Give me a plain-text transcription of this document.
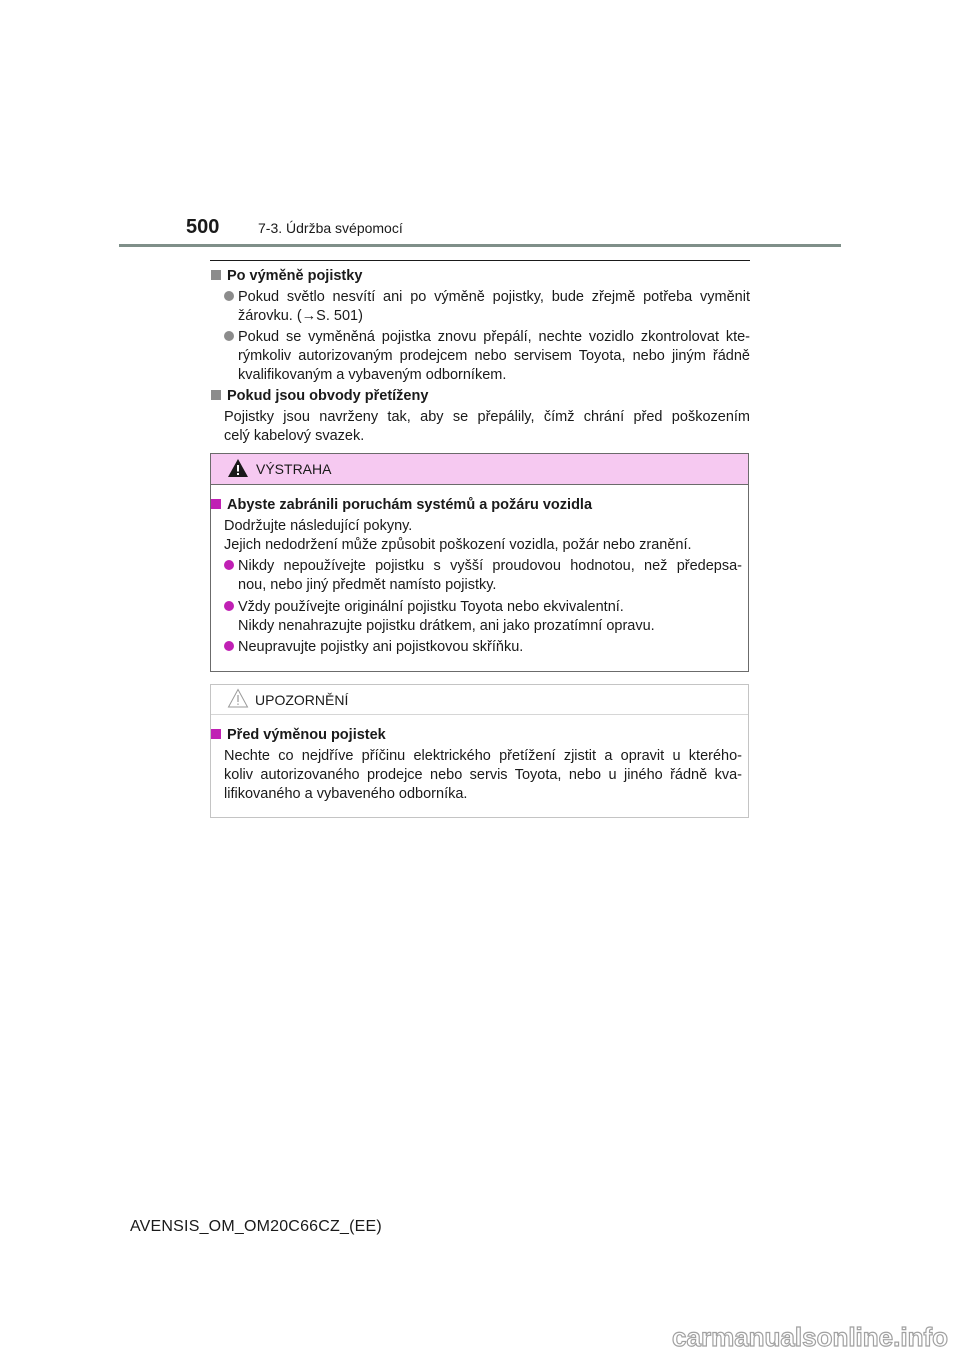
500	7-3. Údržba svépomocí
Po výměně pojistky
Pokud světlo nesvítí ani po výměně pojistky, bude zřejmě potřeba vyměnit
žárovku. (→S. 501)
Pokud se vyměněná pojistka znovu přepálí, nechte vozidlo zkontrolovat kte-
rýmkoliv autorizovaným prodejcem nebo servisem Toyota, nebo jiným řádně
kvalifikovaným a vybaveným odborníkem.
Pokud jsou obvody přetíženy
Pojistky jsou navrženy tak, aby se přepálily, čímž chrání před poškozením
celý kabelový svazek.
VÝSTRAHA
Abyste zabránili poruchám systémů a požáru vozidla
Dodržujte následující pokyny.
Jejich nedodržení může způsobit poškození vozidla, požár nebo zranění.
Nikdy nepoužívejte pojistku s vyšší proudovou hodnotou, než předepsa-
nou, nebo jiný předmět namísto pojistky.
Vždy používejte originální pojistku Toyota nebo ekvivalentní.
Nikdy nenahrazujte pojistku drátkem, ani jako prozatímní opravu.
Neupravujte pojistky ani pojistkovou skříňku.
UPOZORNĚNÍ
Před výměnou pojistek
Nechte co nejdříve příčinu elektrického přetížení zjistit a opravit u kterého-
koliv autorizovaného prodejce nebo servis Toyota, nebo u jiného řádně kva-
lifikovaného a vybaveného odborníka.
AVENSIS_OM_OM20C66CZ_(EE)
carmanualsonline.info
